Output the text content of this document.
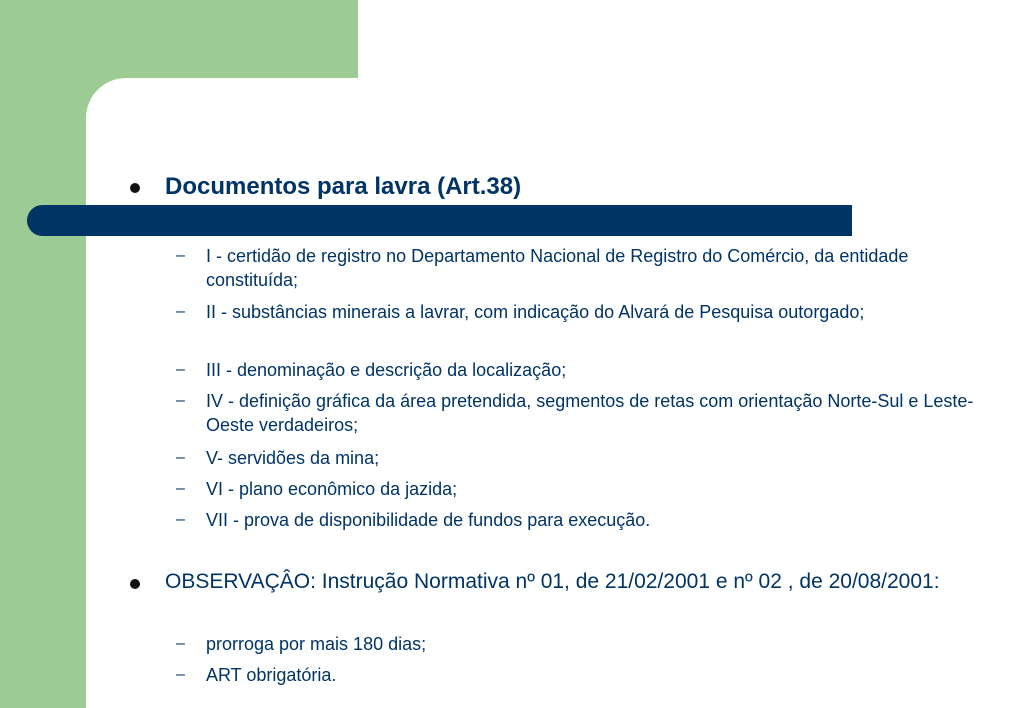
Documentos para lavra (Art.38)
–	I - certidão de registro no Departamento Nacional de Registro do Comércio, da entidade constituída;
–	II - substâncias minerais a lavrar, com indicação do Alvará de Pesquisa outorgado;
–	III - denominação e descrição da localização;
–	IV - definição gráfica da área pretendida, segmentos de retas com orientação Norte-Sul e Leste-Oeste verdadeiros;
–	V- servidões da mina;
–	VI - plano econômico da jazida;
–	VII - prova de disponibilidade de fundos para execução.
OBSERVAÇÂO: Instrução Normativa nº 01, de 21/02/2001 e nº 02 , de 20/08/2001:
–	prorroga por mais 180 dias;
–	ART obrigatória.
